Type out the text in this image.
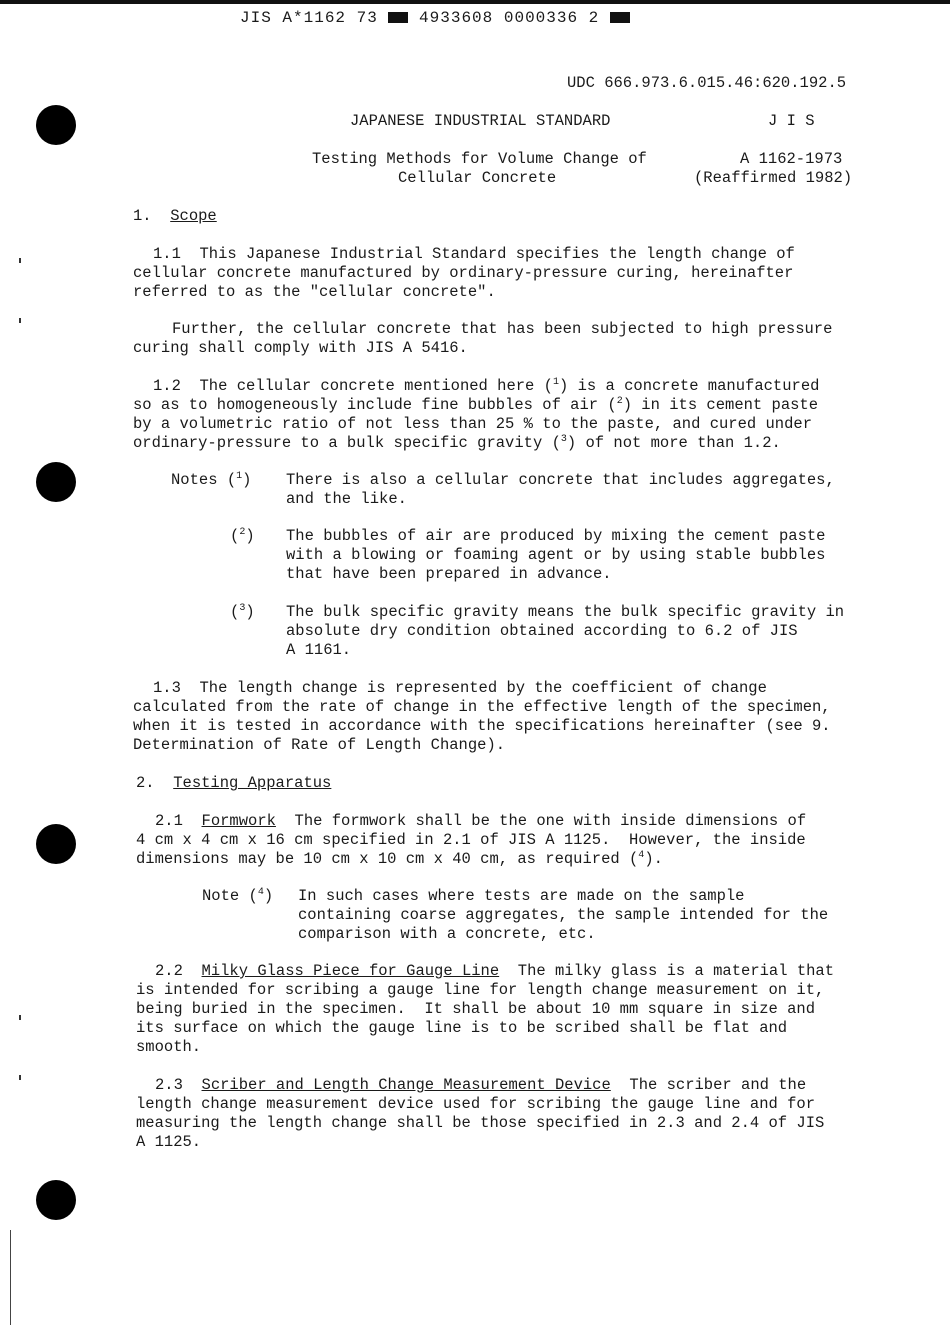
JIS A*1162 73	4933608 0000336 2
UDC 666.973.6.015.46:620.192.5
JAPANESE INDUSTRIAL STANDARD	J I S
Testing Methods for Volume Change of
Cellular Concrete
A 1162-1973
(Reaffirmed 1982)
1. Scope
1.1  This Japanese Industrial Standard specifies the length change of
cellular concrete manufactured by ordinary-pressure curing, hereinafter
referred to as the "cellular concrete".
Further, the cellular concrete that has been subjected to high pressure
curing shall comply with JIS A 5416.
1.2  The cellular concrete mentioned here ($^1$) is a concrete manufactured
so as to homogeneously include fine bubbles of air ($^2$) in its cement paste
by a volumetric ratio of not less than 25 % to the paste, and cured under
ordinary-pressure to a bulk specific gravity ($^3$) of not more than 1.2.
Notes ($^1$) There is also a cellular concrete that includes aggregates,
and the like.
($^2$) The bubbles of air are produced by mixing the cement paste
with a blowing or foaming agent or by using stable bubbles
that have been prepared in advance.
($^3$) The bulk specific gravity means the bulk specific gravity in
absolute dry condition obtained according to 6.2 of JIS
A 1161.
1.3  The length change is represented by the coefficient of change
calculated from the rate of change in the effective length of the specimen,
when it is tested in accordance with the specifications hereinafter (see 9.
Determination of Rate of Length Change).
2. Testing Apparatus
2.1 Formwork  The formwork shall be the one with inside dimensions of
4 cm x 4 cm x 16 cm specified in 2.1 of JIS A 1125.  However, the inside
dimensions may be 10 cm x 10 cm x 40 cm, as required ($^4$).
Note ($^4$) In such cases where tests are made on the sample
containing coarse aggregates, the sample intended for the
comparison with a concrete, etc.
2.2 Milky Glass Piece for Gauge Line  The milky glass is a material that
is intended for scribing a gauge line for length change measurement on it,
being buried in the specimen.  It shall be about 10 mm square in size and
its surface on which the gauge line is to be scribed shall be flat and
smooth.
2.3 Scriber and Length Change Measurement Device  The scriber and the
length change measurement device used for scribing the gauge line and for
measuring the length change shall be those specified in 2.3 and 2.4 of JIS
A 1125.
